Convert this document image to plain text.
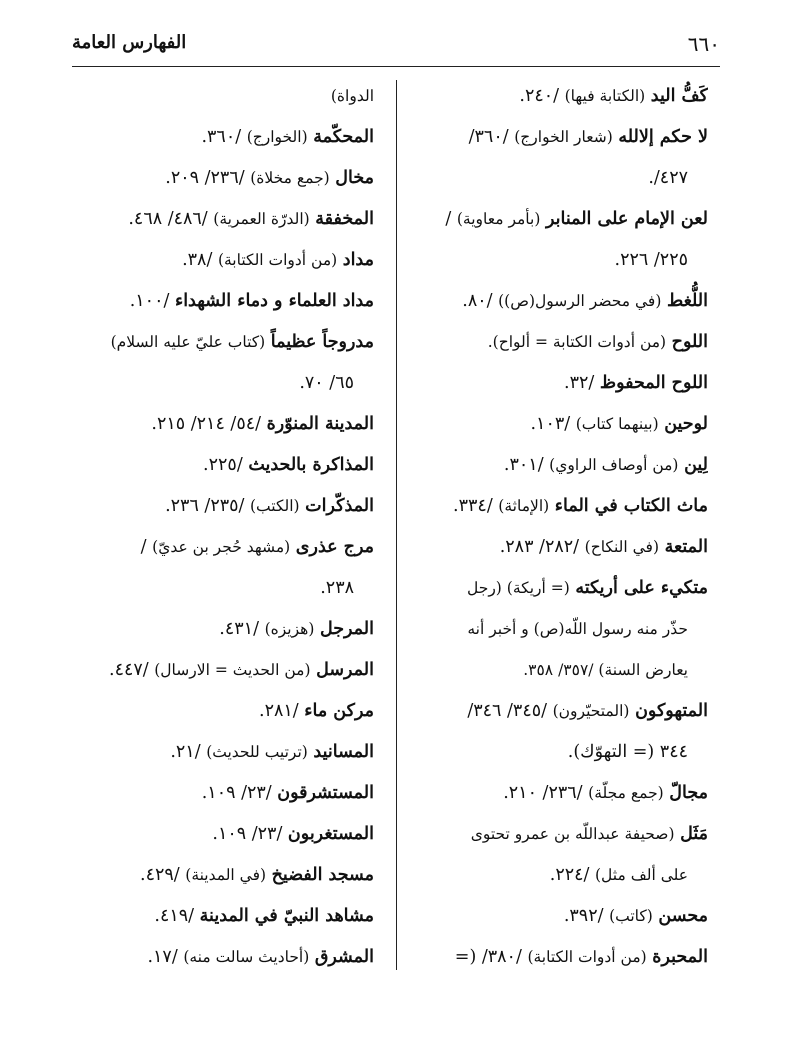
٦٦٠
الفهارس العامة
كَفُّ اليد (الكتابة فيها) /٢٤٠.
لا حكم إلالله (شعار الخوارج) /٣٦٠/
٤٢٧/.
لعن الإمام على المنابر (بأمر معاوية) /
٢٢٥/ ٢٢٦.
اللُّغط (في محضر الرسول(ص)) /٨٠.
اللوح (من أدوات الكتابة = ألواح).
اللوح المحفوظ /٣٢.
لوحين (بينهما كتاب) /١٠٣.
لِين (من أوصاف الراوي) /٣٠١.
ماث الكتاب في الماء (الإماثة) /٣٣٤.
المتعة (في النكاح) /٢٨٢/ ٢٨٣.
متكيء على أريكته (= أريكة) (رجل
حذّر منه رسول اللّه(ص) و أخبر أنه
يعارض السنة) /٣٥٧/ ٣٥٨.
المتهوكون (المتحيّرون) /٣٤٥/ ٣٤٦/
٣٤٤ (= التهوّك).
مجالّ (جمع مجلّة) /٢٣٦/ ٢١٠.
مَثَل (صحيفة عبداللّه بن عمرو تحتوى
على ألف مثل) /٢٢٤.
محسن (كاتب) /٣٩٢.
المحبرة (من أدوات الكتابة) /٣٨٠/ (=
الدواة)
المحكّمة (الخوارج) /٣٦٠.
مخال (جمع مخلاة) /٢٣٦/ ٢٠٩.
المخفقة (الدرّة العمرية) /٤٨٦/ ٤٦٨.
مداد (من أدوات الكتابة) /٣٨.
مداد العلماء و دماء الشهداء /١٠٠.
مدروجاً عظيماً (كتاب عليّ عليه السلام)
٦٥/ ٧٠.
المدينة المنوّرة /٥٤/ ٢١٤/ ٢١٥.
المذاكرة بالحديث /٢٢٥.
المذكّرات (الكتب) /٢٣٥/ ٢٣٦.
مرج عذرى (مشهد حُجر بن عديّ) /
٢٣٨.
المرجل (هزيزه) /٤٣١.
المرسل (من الحديث = الارسال) /٤٤٧.
مركن ماء /٢٨١.
المسانيد (ترتيب للحديث) /٢١.
المستشرقون /٢٣/ ١٠٩.
المستغربون /٢٣/ ١٠٩.
مسجد الفضيخ (في المدينة) /٤٢٩.
مشاهد النبيّ في المدينة /٤١٩.
المشرق (أحاديث سالت منه) /١٧.
